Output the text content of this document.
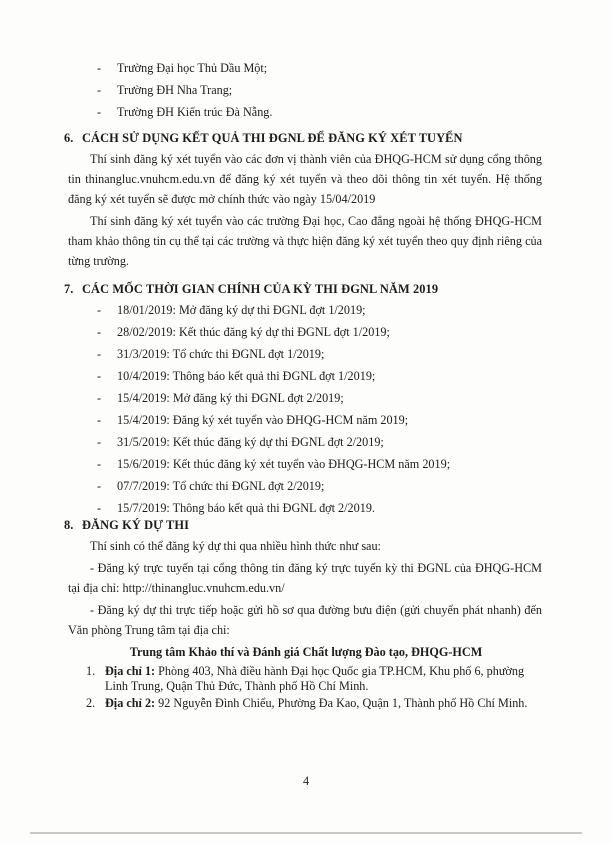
- Trường Đại học Thủ Dầu Một;
- Trường ĐH Nha Trang;
- Trường ĐH Kiến trúc Đà Nẵng.
6. CÁCH SỬ DỤNG KẾT QUẢ THI ĐGNL ĐỂ ĐĂNG KÝ XÉT TUYỂN

Thí sinh đăng ký xét tuyển vào các đơn vị thành viên của ĐHQG-HCM sử dụng cổng thông tin thinangluc.vnuhcm.edu.vn để đăng ký xét tuyển và theo dõi thông tin xét tuyển. Hệ thống đăng ký xét tuyển sẽ được mở chính thức vào ngày 15/04/2019

Thí sinh đăng ký xét tuyển vào các trường Đại học, Cao đẳng ngoài hệ thống ĐHQG-HCM tham khảo thông tin cụ thể tại các trường và thực hiện đăng ký xét tuyển theo quy định riêng của từng trường.

7. CÁC MỐC THỜI GIAN CHÍNH CỦA KỲ THI ĐGNL NĂM 2019
- 18/01/2019: Mở đăng ký dự thi ĐGNL đợt 1/2019;
- 28/02/2019: Kết thúc đăng ký dự thi ĐGNL đợt 1/2019;
- 31/3/2019: Tổ chức thi ĐGNL đợt 1/2019;
- 10/4/2019: Thông báo kết quả thi ĐGNL đợt 1/2019;
- 15/4/2019: Mở đăng ký thi ĐGNL đợt 2/2019;
- 15/4/2019: Đăng ký xét tuyển vào ĐHQG-HCM năm 2019;
- 31/5/2019: Kết thúc đăng ký dự thi ĐGNL đợt 2/2019;
- 15/6/2019: Kết thúc đăng ký xét tuyển vào ĐHQG-HCM năm 2019;
- 07/7/2019: Tổ chức thi ĐGNL đợt 2/2019;
- 15/7/2019: Thông báo kết quả thi ĐGNL đợt 2/2019.
8. ĐĂNG KÝ DỰ THI

Thí sinh có thể đăng ký dự thi qua nhiều hình thức như sau:

- Đăng ký trực tuyến tại cổng thông tin đăng ký trực tuyến kỳ thi ĐGNL của ĐHQG-HCM tại địa chỉ: http://thinangluc.vnuhcm.edu.vn/

- Đăng ký dự thi trực tiếp hoặc gửi hồ sơ qua đường bưu điện (gửi chuyển phát nhanh) đến Văn phòng Trung tâm tại địa chỉ:

Trung tâm Khảo thí và Đánh giá Chất lượng Đào tạo, ĐHQG-HCM
1. Địa chỉ 1: Phòng 403, Nhà điều hành Đại học Quốc gia TP.HCM, Khu phố 6, phường Linh Trung, Quận Thủ Đức, Thành phố Hồ Chí Minh.
2. Địa chỉ 2: 92 Nguyễn Đình Chiểu, Phường Đa Kao, Quận 1, Thành phố Hồ Chí Minh.
4
